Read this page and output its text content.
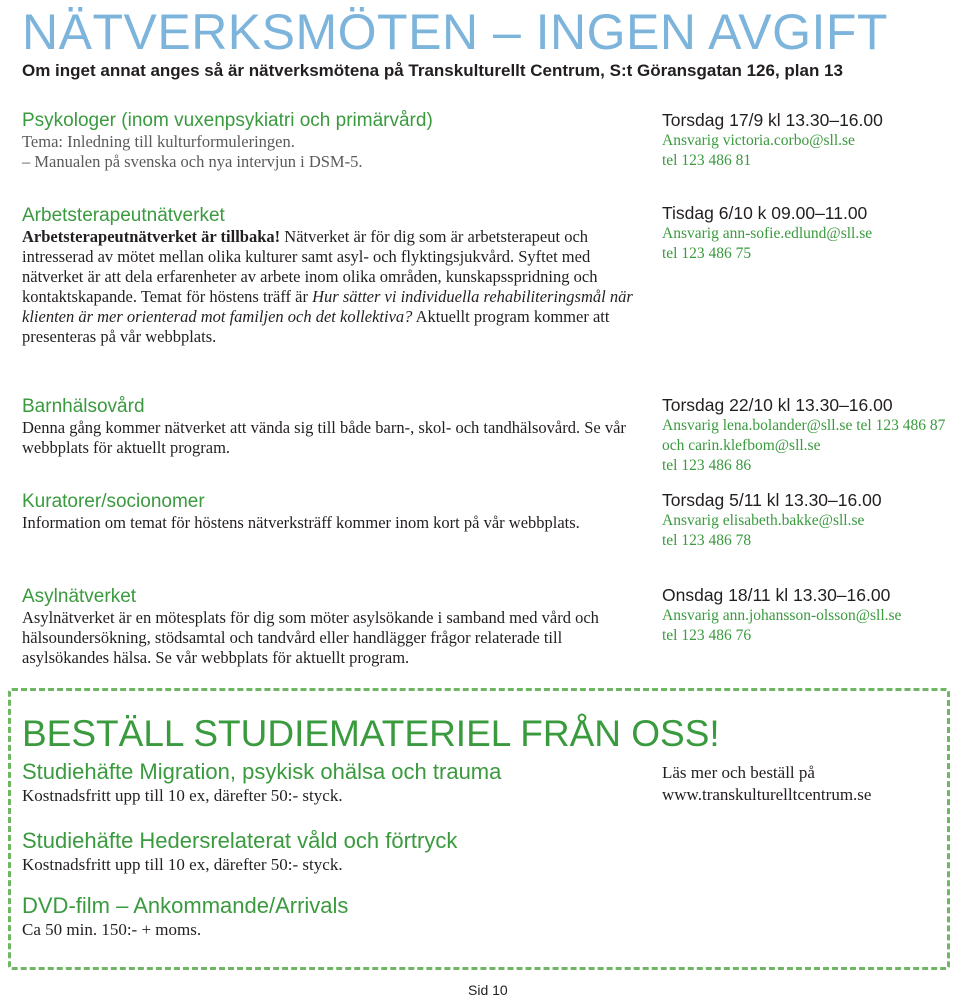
NÄTVERKSMÖTEN – INGEN AVGIFT

Om inget annat anges så är nätverksmötena på Transkulturellt Centrum, S:t Göransgatan 126, plan 13

Psykologer (inom vuxenpsykiatri och primärvård)

Tema: Inledning till kulturformuleringen.

– Manualen på svenska och nya intervjun i DSM-5.

Torsdag 17/9 kl 13.30–16.00

Ansvarig victoria.corbo@sll.se

tel 123 486 81

Arbetsterapeutnätverket

Arbetsterapeutnätverket är tillbaka! Nätverket är för dig som är arbetsterapeut och intresserad av mötet mellan olika kulturer samt asyl- och flyktingsjukvård. Syftet med nätverket är att dela erfarenheter av arbete inom olika områden, kunskapsspridning och kontaktskapande. Temat för höstens träff är Hur sätter vi individuella rehabiliteringsmål när klienten är mer orienterad mot familjen och det kollektiva? Aktuellt program kommer att presenteras på vår webbplats.

Tisdag 6/10 k 09.00–11.00

Ansvarig ann-sofie.edlund@sll.se

tel 123 486 75

Barnhälsovård

Denna gång kommer nätverket att vända sig till både barn-, skol- och tandhälsovård. Se vår webbplats för aktuellt program.

Torsdag 22/10 kl 13.30–16.00

Ansvarig lena.bolander@sll.se tel 123 486 87 och carin.klefbom@sll.se

tel 123 486 86

Kuratorer/socionomer

Information om temat för höstens nätverksträff kommer inom kort på vår webbplats.

Torsdag 5/11 kl 13.30–16.00

Ansvarig elisabeth.bakke@sll.se

tel 123 486 78

Asylnätverket

Asylnätverket är en mötesplats för dig som möter asylsökande i samband med vård och hälsoundersökning, stödsamtal och tandvård eller handlägger frågor relaterade till asylsökandes hälsa. Se vår webbplats för aktuellt program.

Onsdag 18/11 kl 13.30–16.00

Ansvarig ann.johansson-olsson@sll.se

tel 123 486 76

BESTÄLL STUDIEMATERIEL FRÅN OSS!
Studiehäfte Migration, psykisk ohälsa och trauma

Kostnadsfritt upp till 10 ex, därefter 50:- styck.

Studiehäfte Hedersrelaterat våld och förtryck

Kostnadsfritt upp till 10 ex, därefter 50:- styck.

DVD-film – Ankommande/Arrivals

Ca 50 min. 150:- + moms.

Läs mer och beställ på
www.transkulturelltcentrum.se

Sid 10
